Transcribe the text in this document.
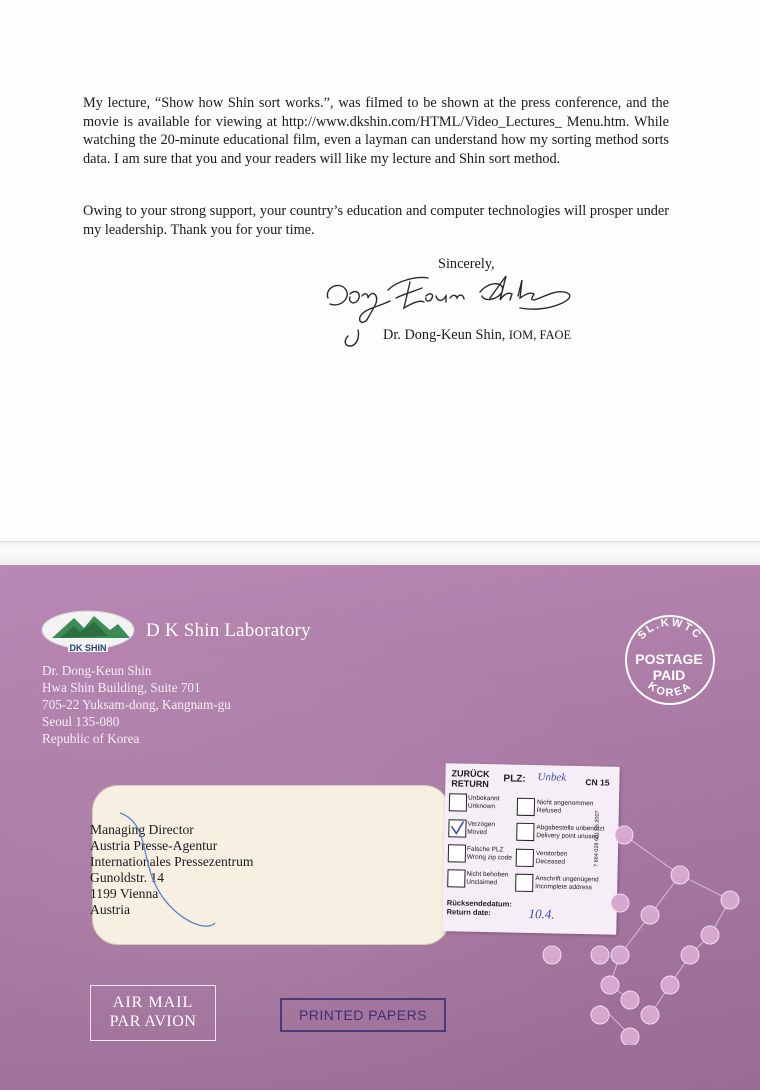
My lecture, “Show how Shin sort works.”, was filmed to be shown at the press conference, and the movie is available for viewing at http://www.dkshin.com/HTML/Video_Lectures_ Menu.htm. While watching the 20-minute educational film, even a layman can understand how my sorting method sorts data. I am sure that you and your readers will like my lecture and Shin sort method.

Owing to your strong support, your country’s education and computer technologies will prosper under my leadership. Thank you for your time.

Sincerely,
Dr. Dong-Keun Shin, IOM, FAOE
DK SHIN
D K Shin Laboratory
Dr. Dong-Keun Shin
Hwa Shin Building, Suite 701
705-22 Yuksam-dong, Kangnam-gu
Seoul 135-080
Republic of Korea
SL.KWTC
KOREA
POSTAGE
PAID
Managing Director
Austria Presse-Agentur
Internationales Pressezentrum
Gunoldstr. 14
1199 Vienna
Austria
ZURÜCK
RETURN PLZ: Unbek CN 15
Unbekannt
Unknown	Nicht angenommen
Refused
Verzogen
Moved	Abgabestelle unbenutzt
Delivery point unused
Falsche PLZ
Wrong zip code	Verstorben
Deceased
Nicht behoben
Unclaimed	Anschrift ungenügend
Incomplete address
Rücksendedatum:
Return date:	10.4.
7 664 028 601 05.2007
AIR MAIL
PAR AVION	PRINTED PAPERS
